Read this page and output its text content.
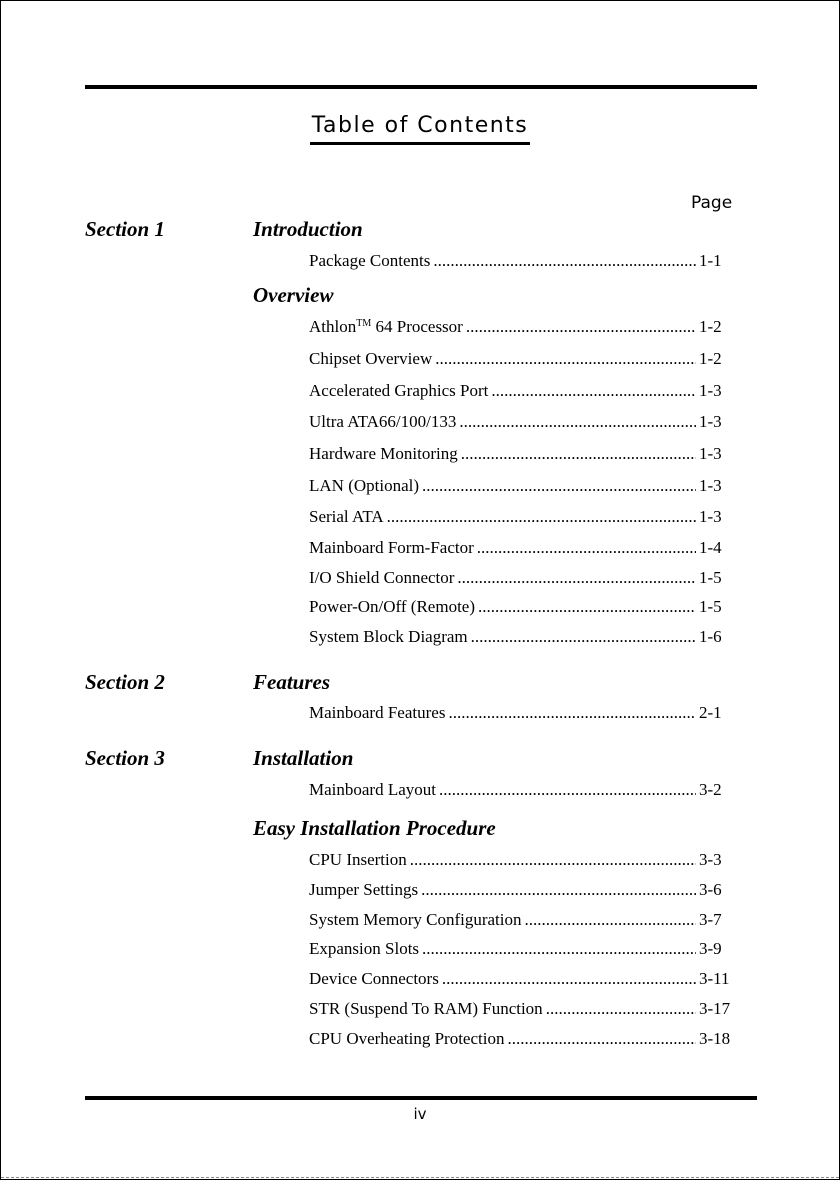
Table of Contents
Page
Section 1	Introduction
Package Contents .....	1-1
Overview
Athlon™ 64 Processor .....	1-2
Chipset Overview .....	1-2
Accelerated Graphics Port .....	1-3
Ultra ATA66/100/133 .....	1-3
Hardware Monitoring .....	1-3
LAN (Optional) .....	1-3
Serial ATA .....	1-3
Mainboard Form-Factor .....	1-4
I/O Shield Connector .....	1-5
Power-On/Off (Remote) .....	1-5
System Block Diagram .....	1-6
Section 2	Features
Mainboard Features .....	2-1
Section 3	Installation
Mainboard Layout .....	3-2
Easy Installation Procedure
CPU Insertion .....	3-3
Jumper Settings .....	3-6
System Memory Configuration .....	3-7
Expansion Slots .....	3-9
Device Connectors .....	3-11
STR (Suspend To RAM) Function .....	3-17
CPU Overheating Protection .....	3-18
iv
